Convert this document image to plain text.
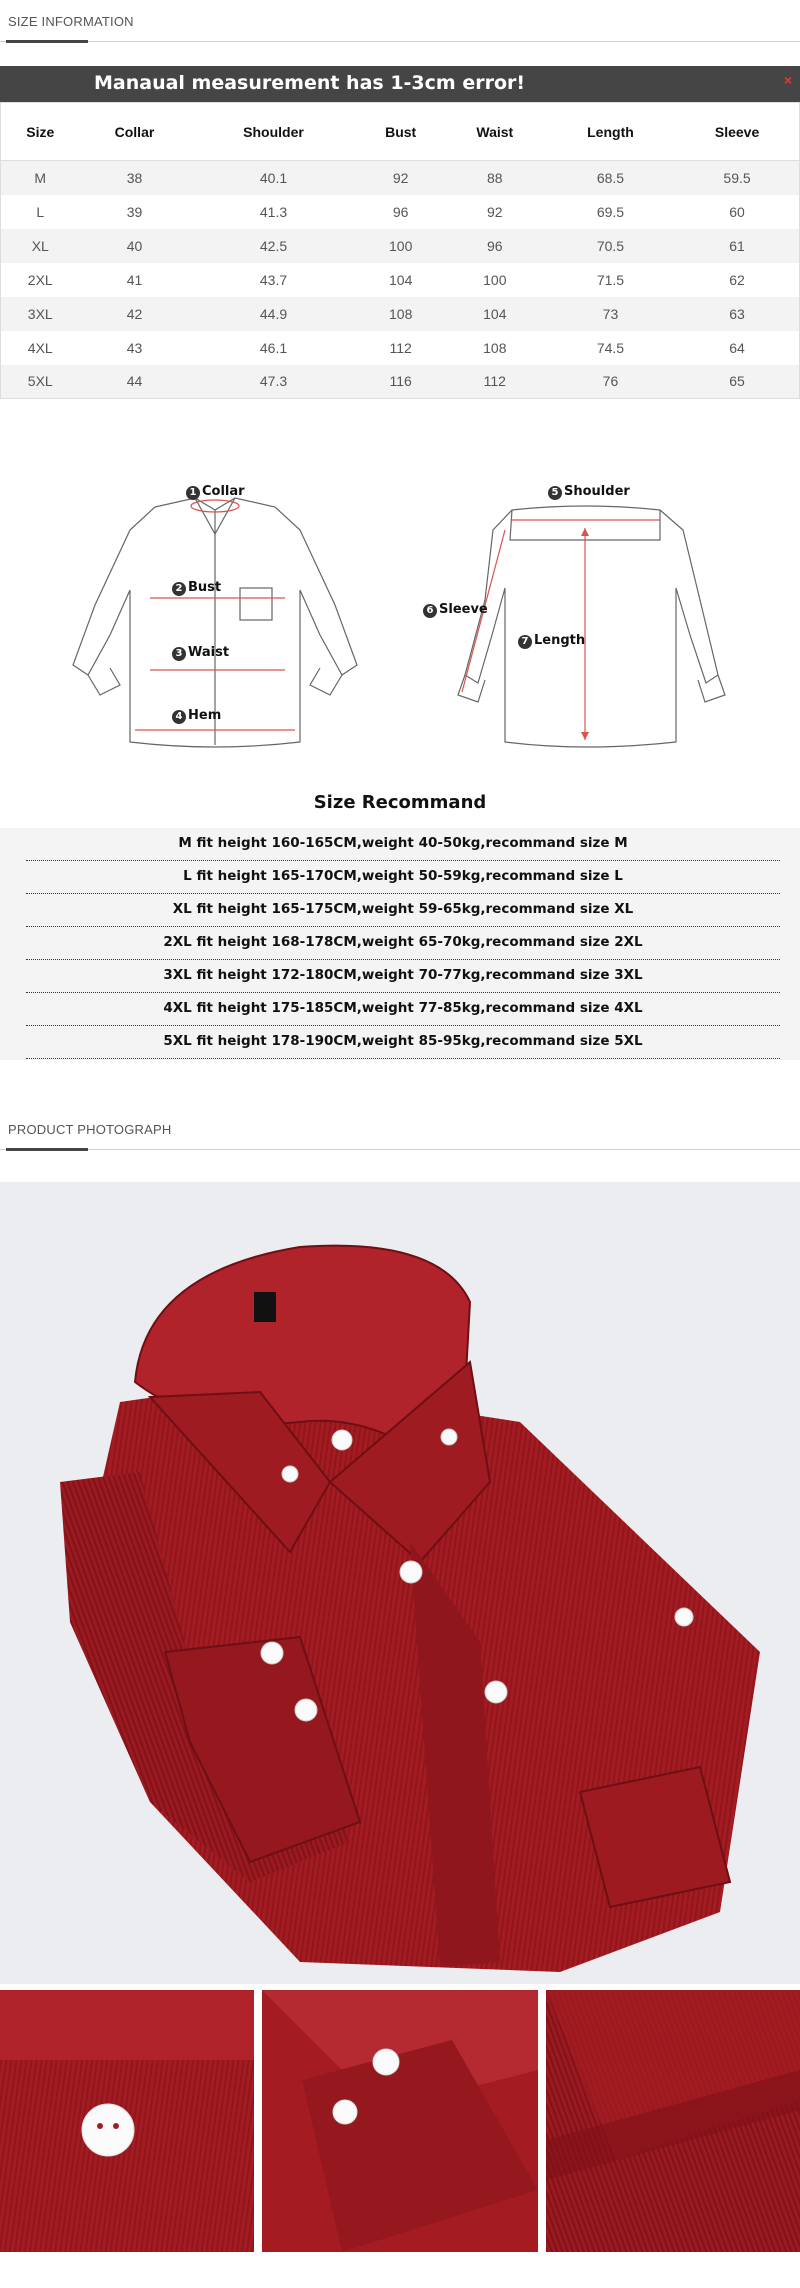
SIZE INFORMATION
Manaual measurement has 1-3cm error!	×
Size	Collar	Shoulder	Bust	Waist	Length	Sleeve
M	38	40.1	92	88	68.5	59.5
L	39	41.3	96	92	69.5	60
XL	40	42.5	100	96	70.5	61
2XL	41	43.7	104	100	71.5	62
3XL	42	44.9	108	104	73	63
4XL	43	46.1	112	108	74.5	64
5XL	44	47.3	116	112	76	65
1 Collar
2 Bust
3 Waist
4 Hem
5 Shoulder
6 Sleeve
7 Length
Size Recommand
M fit height 160-165CM,weight 40-50kg,recommand size M
L fit height 165-170CM,weight 50-59kg,recommand size L
XL fit height 165-175CM,weight 59-65kg,recommand size XL
2XL fit height 168-178CM,weight 65-70kg,recommand size 2XL
3XL fit height 172-180CM,weight 70-77kg,recommand size 3XL
4XL fit height 175-185CM,weight 77-85kg,recommand size 4XL
5XL fit height 178-190CM,weight 85-95kg,recommand size 5XL
PRODUCT PHOTOGRAPH
